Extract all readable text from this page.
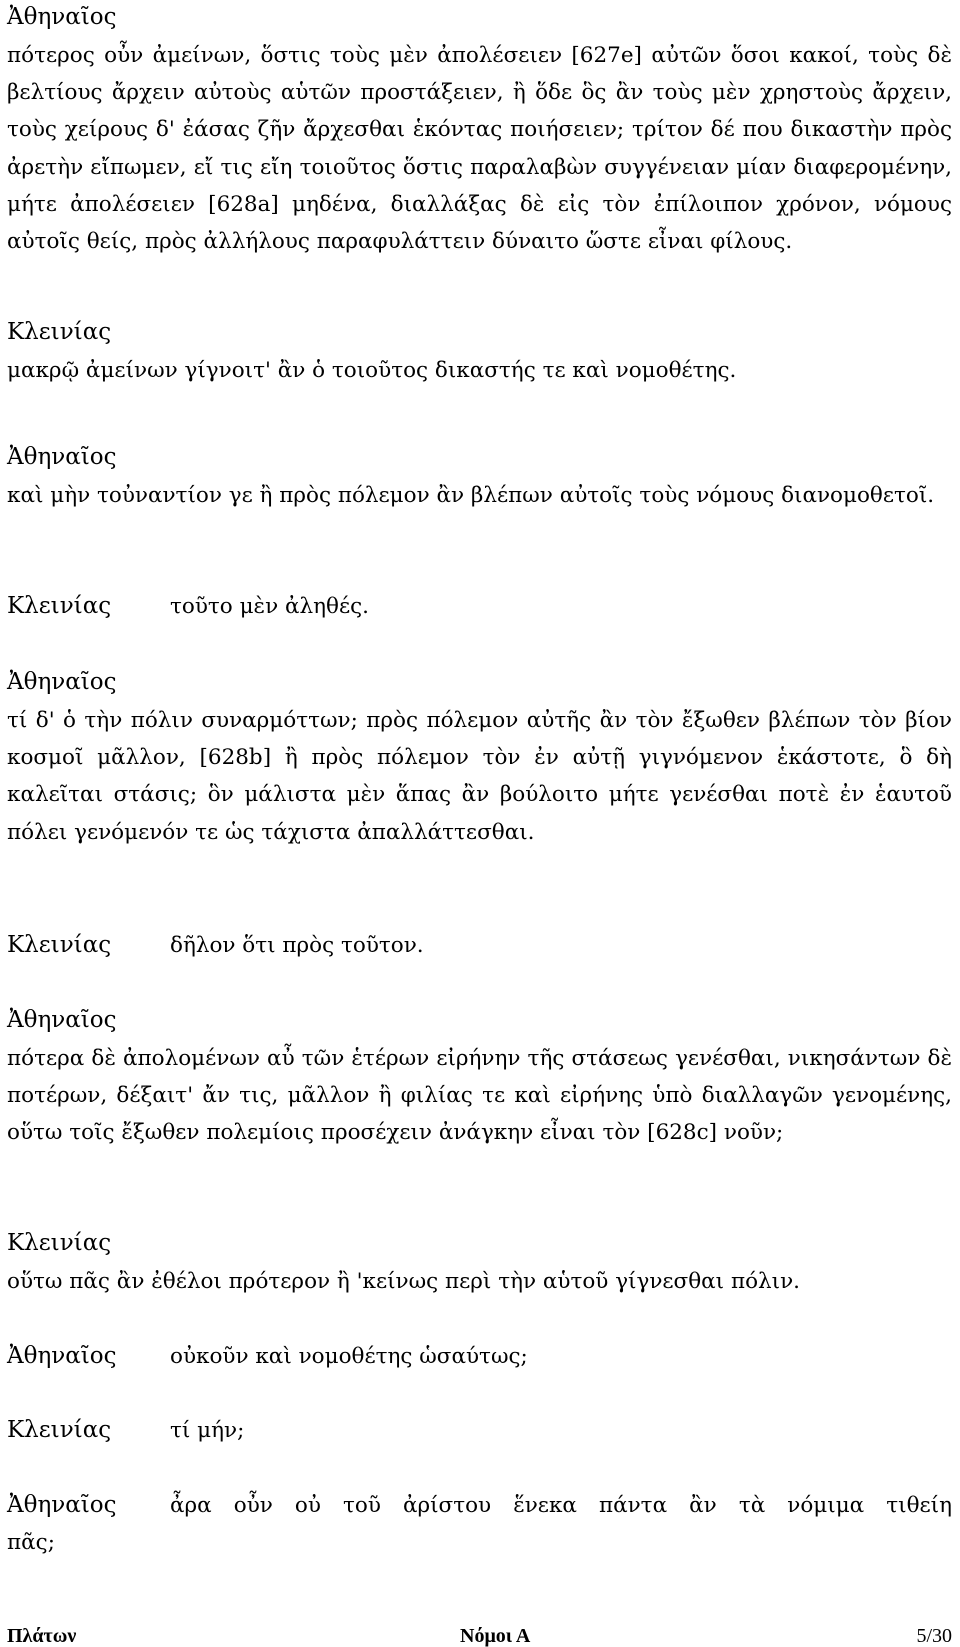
Ἀθηναῖος
πότερος οὖν ἀμείνων, ὅστις τοὺς μὲν ἀπολέσειεν [627e] αὐτῶν ὅσοι κακοί, τοὺς δὲ βελτίους ἄρχειν αὐτοὺς αὑτῶν προστάξειεν, ἢ ὅδε ὃς ἂν τοὺς μὲν χρηστοὺς ἄρχειν, τοὺς χείρους δ' ἐάσας ζῆν ἄρχεσθαι ἑκόντας ποιήσειεν; τρίτον δέ που δικαστὴν πρὸς ἀρετὴν εἴπωμεν, εἴ τις εἴη τοιοῦτος ὅστις παραλαβὼν συγγένειαν μίαν διαφερομένην, μήτε ἀπολέσειεν [628a] μηδένα, διαλλάξας δὲ εἰς τὸν ἐπίλοιπον χρόνον, νόμους αὐτοῖς θείς, πρὸς ἀλλήλους παραφυλάττειν δύναιτο ὥστε εἶναι φίλους.
Κλεινίας
μακρῷ ἀμείνων γίγνοιτ' ἂν ὁ τοιοῦτος δικαστής τε καὶ νομοθέτης.
Ἀθηναῖος
καὶ μὴν τοὐναντίον γε ἢ πρὸς πόλεμον ἂν βλέπων αὐτοῖς τοὺς νόμους διανομοθετοῖ.
Κλεινίας	τοῦτο μὲν ἀληθές.
Ἀθηναῖος
τί δ' ὁ τὴν πόλιν συναρμόττων; πρὸς πόλεμον αὐτῆς ἂν τὸν ἔξωθεν βλέπων τὸν βίον κοσμοῖ μᾶλλον, [628b] ἢ πρὸς πόλεμον τὸν ἐν αὐτῇ γιγνόμενον ἑκάστοτε, ὃ δὴ καλεῖται στάσις; ὃν μάλιστα μὲν ἅπας ἂν βούλοιτο μήτε γενέσθαι ποτὲ ἐν ἑαυτοῦ πόλει γενόμενόν τε ὡς τάχιστα ἀπαλλάττεσθαι.
Κλεινίας	δῆλον ὅτι πρὸς τοῦτον.
Ἀθηναῖος
πότερα δὲ ἀπολομένων αὖ τῶν ἑτέρων εἰρήνην τῆς στάσεως γενέσθαι, νικησάντων δὲ ποτέρων, δέξαιτ' ἄν τις, μᾶλλον ἢ φιλίας τε καὶ εἰρήνης ὑπὸ διαλλαγῶν γενομένης, οὕτω τοῖς ἔξωθεν πολεμίοις προσέχειν ἀνάγκην εἶναι τὸν [628c] νοῦν;
Κλεινίας
οὕτω πᾶς ἂν ἐθέλοι πρότερον ἢ 'κείνως περὶ τὴν αὑτοῦ γίγνεσθαι πόλιν.
Ἀθηναῖος	οὐκοῦν καὶ νομοθέτης ὡσαύτως;
Κλεινίας	τί μήν;
Ἀθηναῖος	ἆρα οὖν οὐ τοῦ ἀρίστου ἕνεκα πάντα ἂν τὰ νόμιμα τιθείη
πᾶς;
Πλάτων	Νόμοι Α	5/30
